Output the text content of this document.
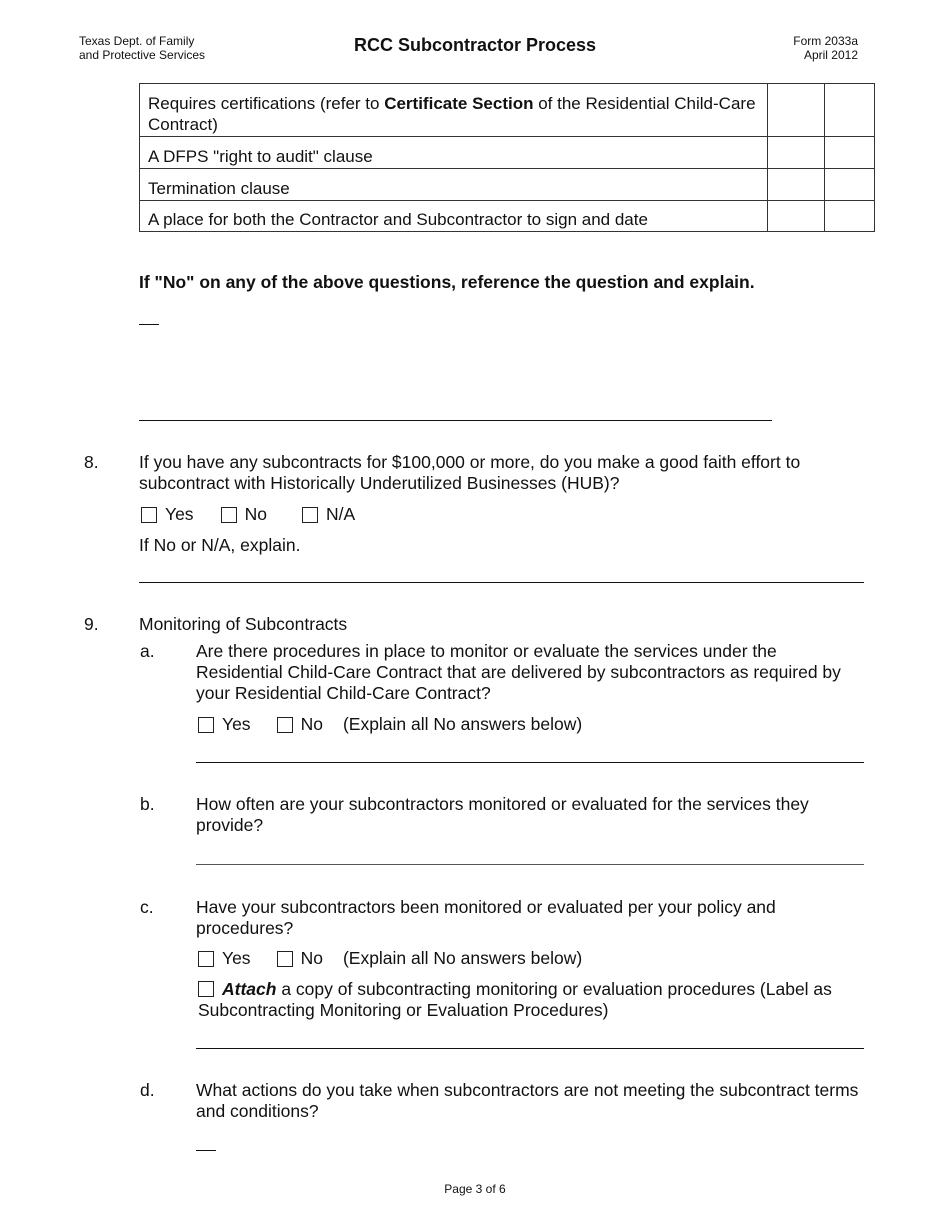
Texas Dept. of Family
and Protective Services	RCC Subcontractor Process	Form 2033a
April 2012
Requires certifications (refer to Certificate Section of the Residential Child-Care Contract)		
A DFPS "right to audit" clause		
Termination clause		
A place for both the Contractor and Subcontractor to sign and date		
If "No" on any of the above questions, reference the question and explain.
8. If you have any subcontracts for $100,000 or more, do you make a good faith effort to subcontract with Historically Underutilized Businesses (HUB)?
Yes	No	N/A
If No or N/A, explain.
9. Monitoring of Subcontracts
a. Are there procedures in place to monitor or evaluate the services under the Residential Child-Care Contract that are delivered by subcontractors as required by your Residential Child-Care Contract?
Yes	No (Explain all No answers below)
b. How often are your subcontractors monitored or evaluated for the services they provide?
c. Have your subcontractors been monitored or evaluated per your policy and procedures?
Yes	No (Explain all No answers below)
Attach a copy of subcontracting monitoring or evaluation procedures (Label as Subcontracting Monitoring or Evaluation Procedures)
d. What actions do you take when subcontractors are not meeting the subcontract terms and conditions?
Page 3 of 6
